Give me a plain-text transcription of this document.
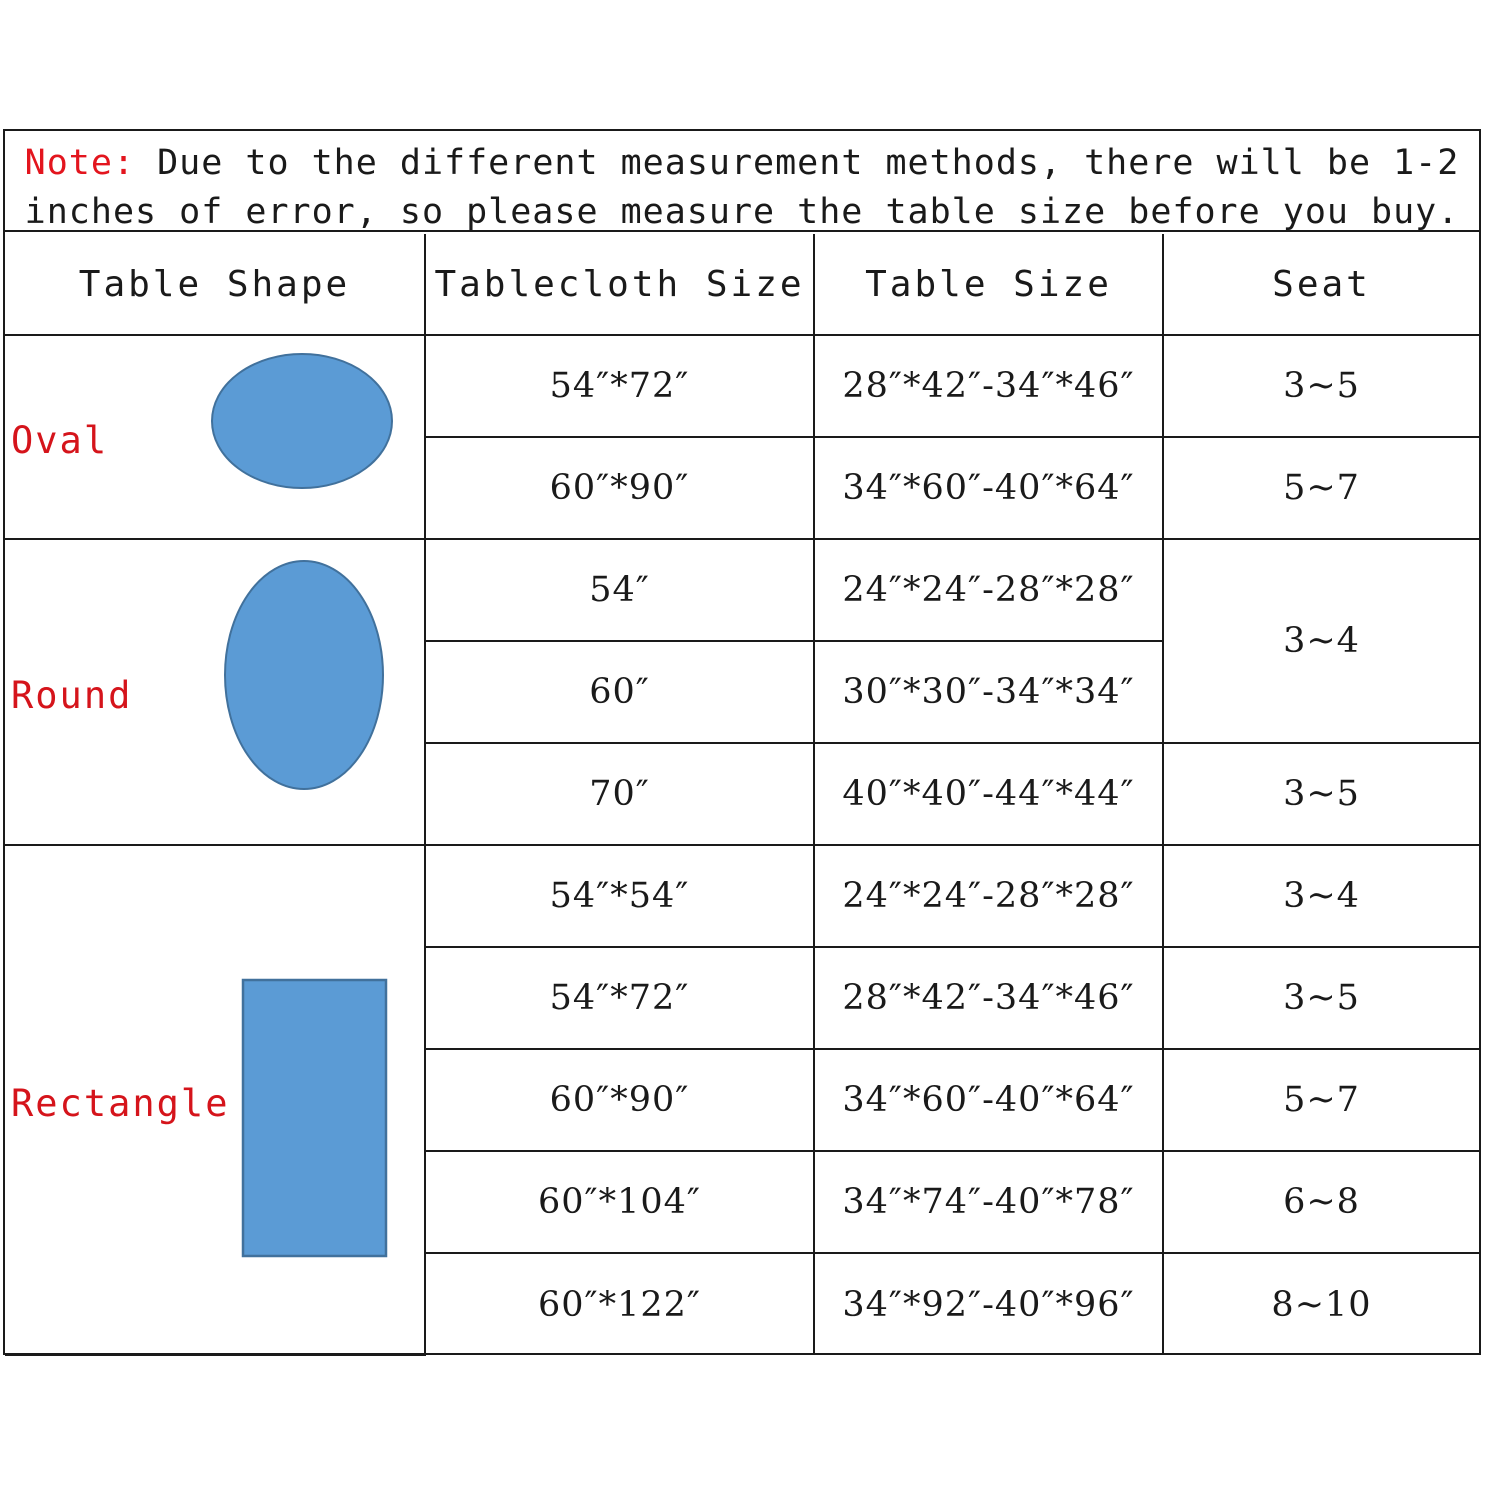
Note: Due to the different measurement methods, there will be 1-2
inches of error, so please measure the table size before you buy.
Table Shape	Tablecloth Size	Table Size	Seat

Oval	54″*72″	28″*42″-34″*46″	3~5
	60″*90″	34″*60″-40″*64″	5~7

Round	54″	24″*24″-28″*28″	3~4
	60″	30″*30″-34″*34″	
	70″	40″*40″-44″*44″	3~5

Rectangle	54″*54″	24″*24″-28″*28″	3~4
	54″*72″	28″*42″-34″*46″	3~5
	60″*90″	34″*60″-40″*64″	5~7
	60″*104″	34″*74″-40″*78″	6~8
	60″*122″	34″*92″-40″*96″	8~10
